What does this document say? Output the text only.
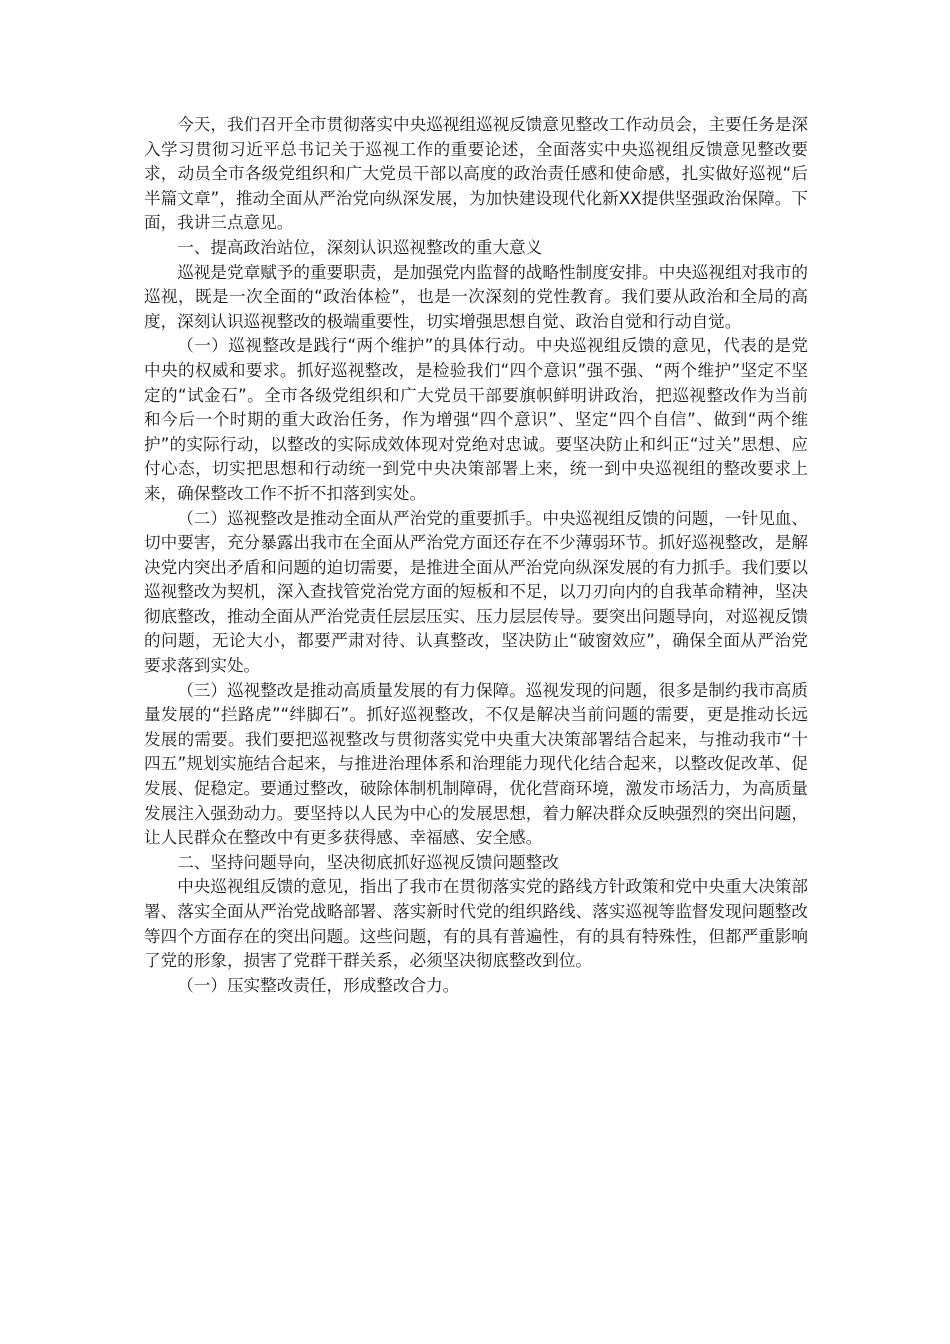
今天，我们召开全市贯彻落实中央巡视组巡视反馈意见整改工作动员会，主要任务是深入学习贯彻习近平总书记关于巡视工作的重要论述，全面落实中央巡视组反馈意见整改要求，动员全市各级党组织和广大党员干部以高度的政治责任感和使命感，扎实做好巡视“后半篇文章”，推动全面从严治党向纵深发展，为加快建设现代化新XX提供坚强政治保障。下面，我讲三点意见。

一、提高政治站位，深刻认识巡视整改的重大意义

巡视是党章赋予的重要职责，是加强党内监督的战略性制度安排。中央巡视组对我市的巡视，既是一次全面的“政治体检”，也是一次深刻的党性教育。我们要从政治和全局的高度，深刻认识巡视整改的极端重要性，切实增强思想自觉、政治自觉和行动自觉。

（一）巡视整改是践行“两个维护”的具体行动。中央巡视组反馈的意见，代表的是党中央的权威和要求。抓好巡视整改，是检验我们“四个意识”强不强、“两个维护”坚定不坚定的“试金石”。全市各级党组织和广大党员干部要旗帜鲜明讲政治，把巡视整改作为当前和今后一个时期的重大政治任务，作为增强“四个意识”、坚定“四个自信”、做到“两个维护”的实际行动，以整改的实际成效体现对党绝对忠诚。要坚决防止和纠正“过关”思想、应付心态，切实把思想和行动统一到党中央决策部署上来，统一到中央巡视组的整改要求上来，确保整改工作不折不扣落到实处。

（二）巡视整改是推动全面从严治党的重要抓手。中央巡视组反馈的问题，一针见血、切中要害，充分暴露出我市在全面从严治党方面还存在不少薄弱环节。抓好巡视整改，是解决党内突出矛盾和问题的迫切需要，是推进全面从严治党向纵深发展的有力抓手。我们要以巡视整改为契机，深入查找管党治党方面的短板和不足，以刀刃向内的自我革命精神，坚决彻底整改，推动全面从严治党责任层层压实、压力层层传导。要突出问题导向，对巡视反馈的问题，无论大小，都要严肃对待、认真整改，坚决防止“破窗效应”，确保全面从严治党要求落到实处。

（三）巡视整改是推动高质量发展的有力保障。巡视发现的问题，很多是制约我市高质量发展的“拦路虎”“绊脚石”。抓好巡视整改，不仅是解决当前问题的需要，更是推动长远发展的需要。我们要把巡视整改与贯彻落实党中央重大决策部署结合起来，与推动我市“十四五”规划实施结合起来，与推进治理体系和治理能力现代化结合起来，以整改促改革、促发展、促稳定。要通过整改，破除体制机制障碍，优化营商环境，激发市场活力，为高质量发展注入强劲动力。要坚持以人民为中心的发展思想，着力解决群众反映强烈的突出问题，让人民群众在整改中有更多获得感、幸福感、安全感。

二、坚持问题导向，坚决彻底抓好巡视反馈问题整改

中央巡视组反馈的意见，指出了我市在贯彻落实党的路线方针政策和党中央重大决策部署、落实全面从严治党战略部署、落实新时代党的组织路线、落实巡视等监督发现问题整改等四个方面存在的突出问题。这些问题，有的具有普遍性，有的具有特殊性，但都严重影响了党的形象，损害了党群干群关系，必须坚决彻底整改到位。

（一）压实整改责任，形成整改合力。
